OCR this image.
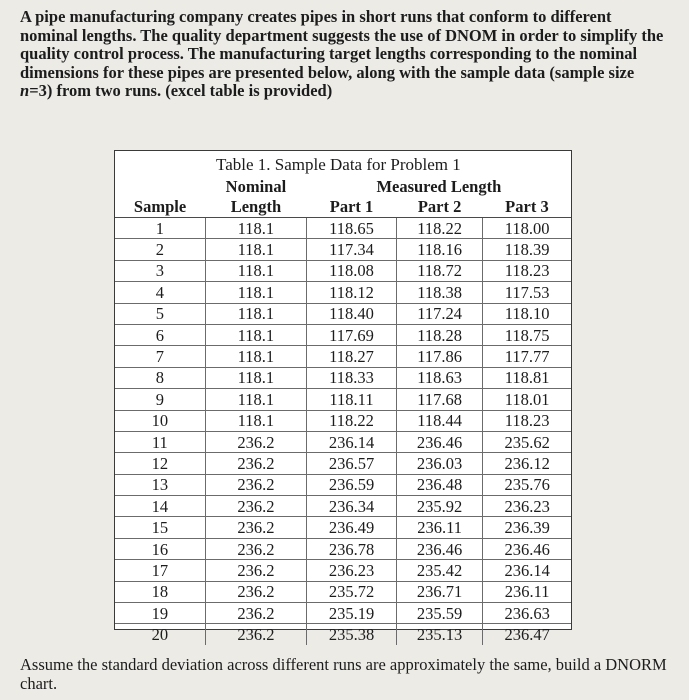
A pipe manufacturing company creates pipes in short runs that conform to different nominal lengths. The quality department suggests the use of DNOM in order to simplify the quality control process. The manufacturing target lengths corresponding to the nominal dimensions for these pipes are presented below, along with the sample data (sample size n=3) from two runs. (excel table is provided)
Table 1. Sample Data for Problem 1
	Nominal	Measured Length		
Sample	Length	Part 1	Part 2	Part 3
1	118.1	118.65	118.22	118.00
2	118.1	117.34	118.16	118.39
3	118.1	118.08	118.72	118.23
4	118.1	118.12	118.38	117.53
5	118.1	118.40	117.24	118.10
6	118.1	117.69	118.28	118.75
7	118.1	118.27	117.86	117.77
8	118.1	118.33	118.63	118.81
9	118.1	118.11	117.68	118.01
10	118.1	118.22	118.44	118.23
11	236.2	236.14	236.46	235.62
12	236.2	236.57	236.03	236.12
13	236.2	236.59	236.48	235.76
14	236.2	236.34	235.92	236.23
15	236.2	236.49	236.11	236.39
16	236.2	236.78	236.46	236.46
17	236.2	236.23	235.42	236.14
18	236.2	235.72	236.71	236.11
19	236.2	235.19	235.59	236.63
20	236.2	235.38	235.13	236.47
Assume the standard deviation across different runs are approximately the same, build a DNORM chart.
